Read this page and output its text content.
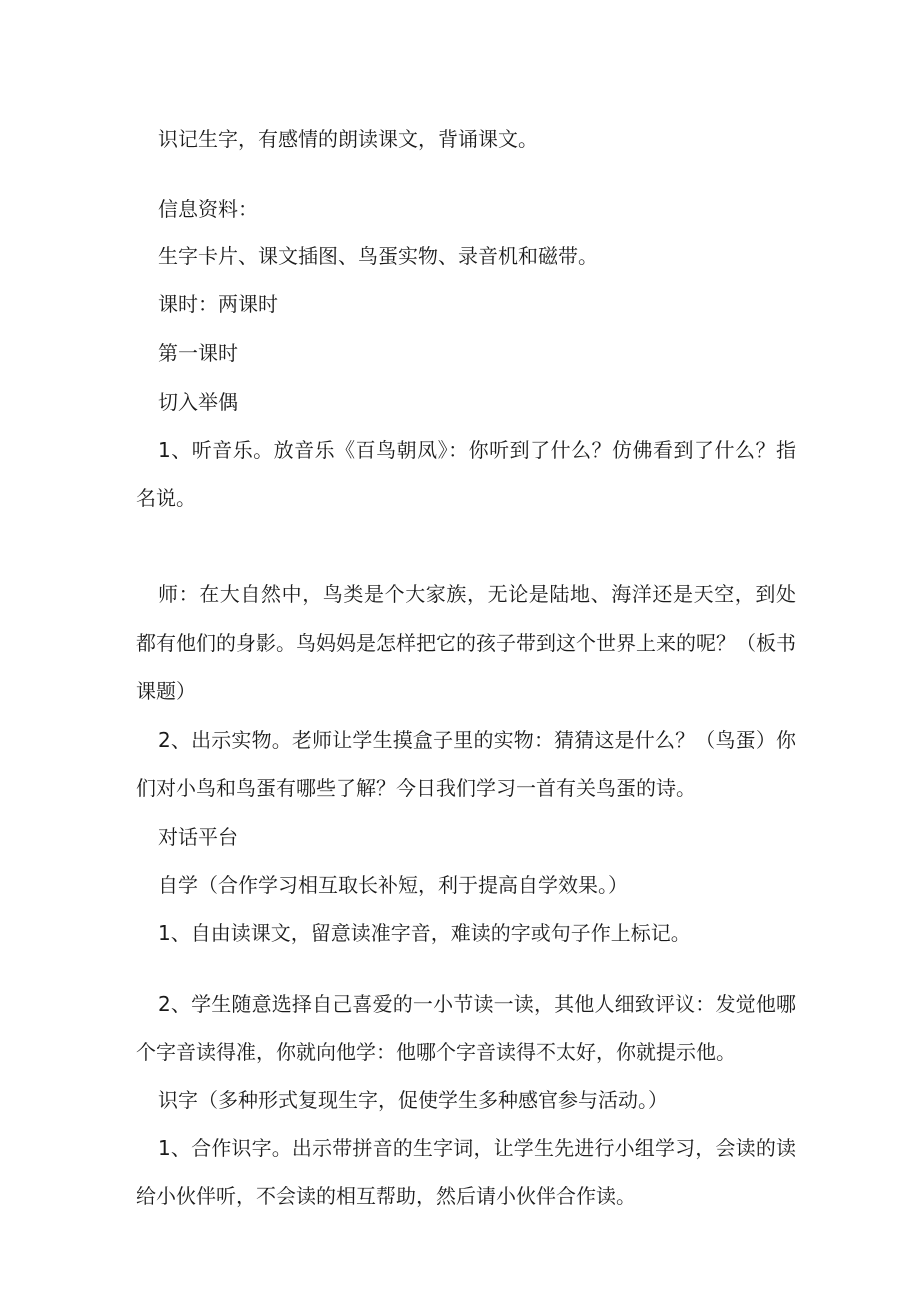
识记生字，有感情的朗读课文，背诵课文。
信息资料：
生字卡片、课文插图、鸟蛋实物、录音机和磁带。
课时：两课时
第一课时
切入举偶
1、听音乐。放音乐《百鸟朝凤》：你听到了什么？仿佛看到了什么？指
名说。
师：在大自然中，鸟类是个大家族，无论是陆地、海洋还是天空，到处
都有他们的身影。鸟妈妈是怎样把它的孩子带到这个世界上来的呢？（板书
课题）
2、出示实物。老师让学生摸盒子里的实物：猜猜这是什么？（鸟蛋）你
们对小鸟和鸟蛋有哪些了解？今日我们学习一首有关鸟蛋的诗。
对话平台
自学（合作学习相互取长补短，利于提高自学效果。）
1、自由读课文，留意读准字音，难读的字或句子作上标记。
2、学生随意选择自己喜爱的一小节读一读，其他人细致评议：发觉他哪
个字音读得准，你就向他学：他哪个字音读得不太好，你就提示他。
识字（多种形式复现生字，促使学生多种感官参与活动。）
1、合作识字。出示带拼音的生字词，让学生先进行小组学习，会读的读
给小伙伴听，不会读的相互帮助，然后请小伙伴合作读。
